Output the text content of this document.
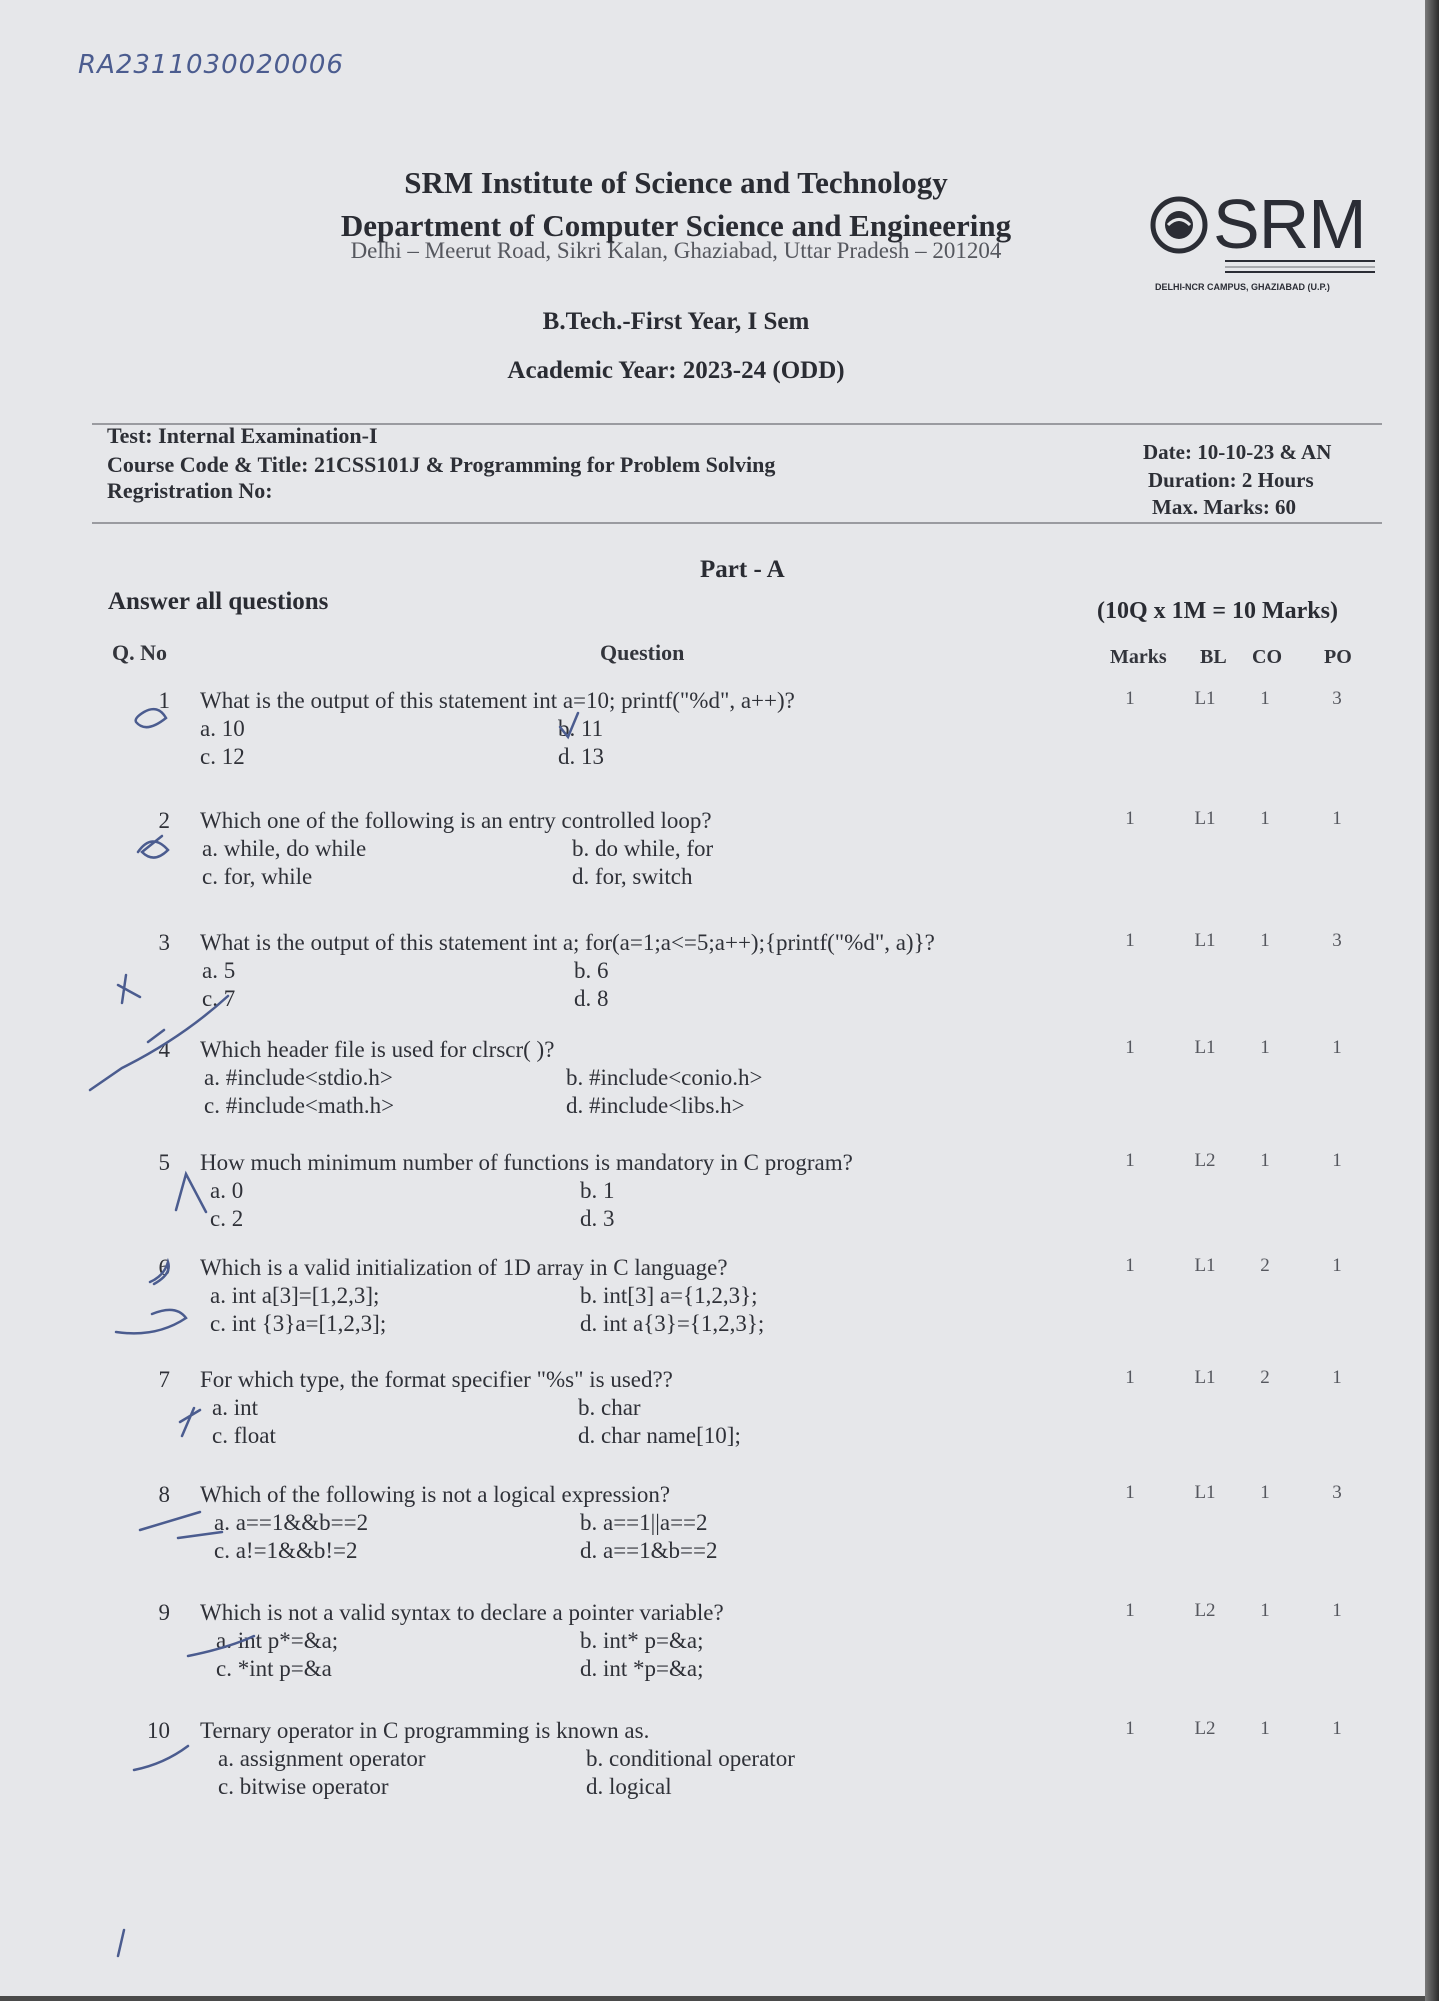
RA2311030020006
SRM Institute of Science and Technology
Department of Computer Science and Engineering
Delhi – Meerut Road, Sikri Kalan, Ghaziabad, Uttar Pradesh – 201204
B.Tech.-First Year, I Sem
Academic Year: 2023-24 (ODD)
SRM
DELHI-NCR CAMPUS, GHAZIABAD (U.P.)
Test: Internal Examination-I
Course Code & Title: 21CSS101J & Programming for Problem Solving
Regristration No:
Date: 10-10-23 & AN
Duration: 2 Hours
Max. Marks: 60
Part - A
Answer all questions	(10Q x 1M = 10 Marks)
Q. No	Question	Marks BL CO PO
1 What is the output of this statement int a=10; printf("%d", a++)?
a. 10	b. 11
c. 12	d. 13
1	L1	1	3
2 Which one of the following is an entry controlled loop?
a. while, do while	b. do while, for
c. for, while	d. for, switch
1	L1	1	1
3 What is the output of this statement int a; for(a=1;a<=5;a++);{printf("%d", a)}?
a. 5	b. 6
c. 7	d. 8
1	L1	1	3
4 Which header file is used for clrscr( )?
a. #include<stdio.h>	b. #include<conio.h>
c. #include<math.h>	d. #include<libs.h>
1	L1	1	1
5 How much minimum number of functions is mandatory in C program?
a. 0	b. 1
c. 2	d. 3
1	L2	1	1
6 Which is a valid initialization of 1D array in C language?
a. int a[3]=[1,2,3];	b. int[3] a={1,2,3};
c. int {3}a=[1,2,3];	d. int a{3}={1,2,3};
1	L1	2	1
7 For which type, the format specifier "%s" is used??
a. int	b. char
c. float	d. char name[10];
1	L1	2	1
8 Which of the following is not a logical expression?
a. a==1&&b==2	b. a==1||a==2
c. a!=1&&b!=2	d. a==1&b==2
1	L1	1	3
9 Which is not a valid syntax to declare a pointer variable?
a. int p*=&a;	b. int* p=&a;
c. *int p=&a	d. int *p=&a;
1	L2	1	1
10 Ternary operator in C programming is known as.
a. assignment operator	b. conditional operator
c. bitwise operator	d. logical
1	L2	1	1
